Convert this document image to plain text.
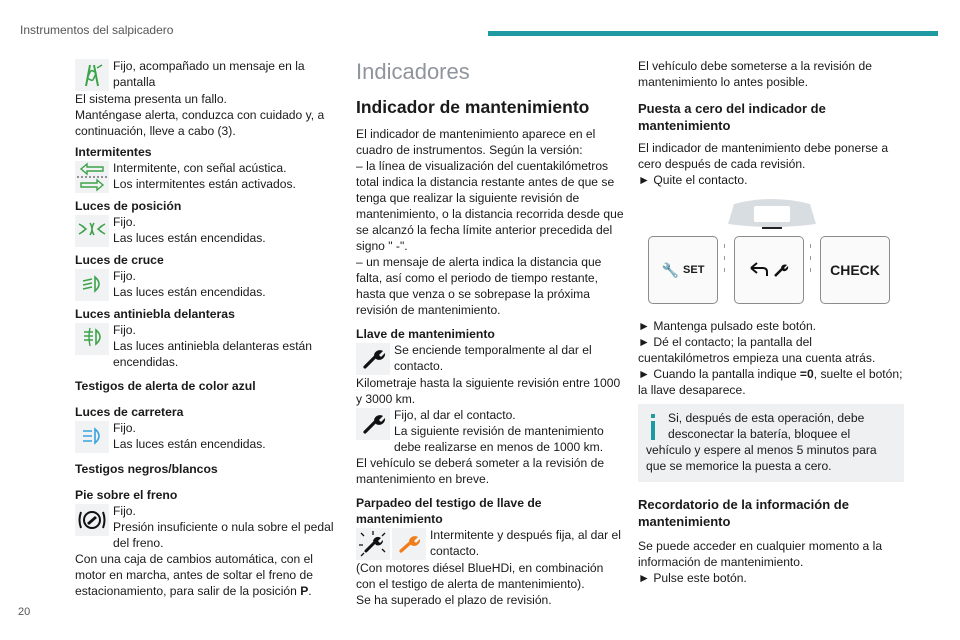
Instrumentos del salpicadero

Fijo, acompañado un mensaje en la pantalla

El sistema presenta un fallo.

Manténgase alerta, conduzca con cuidado y, a continuación, lleve a cabo (3).

Intermitentes

Intermitente, con señal acústica.

Los intermitentes están activados.

Luces de posición

Fijo.

Las luces están encendidas.

Luces de cruce

Fijo.

Las luces están encendidas.

Luces antiniebla delanteras

Fijo.

Las luces antiniebla delanteras están encendidas.

Testigos de alerta de color azul
Luces de carretera

Fijo.

Las luces están encendidas.

Testigos negros/blancos
Pie sobre el freno

Fijo.

Presión insuficiente o nula sobre el pedal del freno.

Con una caja de cambios automática, con el motor en marcha, antes de soltar el freno de estacionamiento, para salir de la posición P.

Indicadores
Indicador de mantenimiento

El indicador de mantenimiento aparece en el cuadro de instrumentos. Según la versión:

– la línea de visualización del cuentakilómetros total indica la distancia restante antes de que se tenga que realizar la siguiente revisión de mantenimiento, o la distancia recorrida desde que se alcanzó la fecha límite anterior precedida del signo " -".

– un mensaje de alerta indica la distancia que falta, así como el periodo de tiempo restante, hasta que venza o se sobrepase la próxima revisión de mantenimiento.

Llave de mantenimiento

Se enciende temporalmente al dar el contacto.

Kilometraje hasta la siguiente revisión entre 1000 y 3000 km.

Fijo, al dar el contacto.

La siguiente revisión de mantenimiento debe realizarse en menos de 1000 km.

El vehículo se deberá someter a la revisión de mantenimiento en breve.

Parpadeo del testigo de llave de mantenimiento

Intermitente y después fija, al dar el contacto.

(Con motores diésel BlueHDi, en combinación con el testigo de alerta de mantenimiento).

Se ha superado el plazo de revisión.

El vehículo debe someterse a la revisión de mantenimiento lo antes posible.

Puesta a cero del indicador de mantenimiento

El indicador de mantenimiento debe ponerse a cero después de cada revisión.

► Quite el contacto.

🔧 SET	CHECK

► Mantenga pulsado este botón.

► Dé el contacto; la pantalla del cuentakilómetros empieza una cuenta atrás.

► Cuando la pantalla indique =0, suelte el botón; la llave desaparece.

Si, después de esta operación, debe desconectar la batería, bloquee el vehículo y espere al menos 5 minutos para que se memorice la puesta a cero.

Recordatorio de la información de mantenimiento

Se puede acceder en cualquier momento a la información de mantenimiento.

► Pulse este botón.

20
